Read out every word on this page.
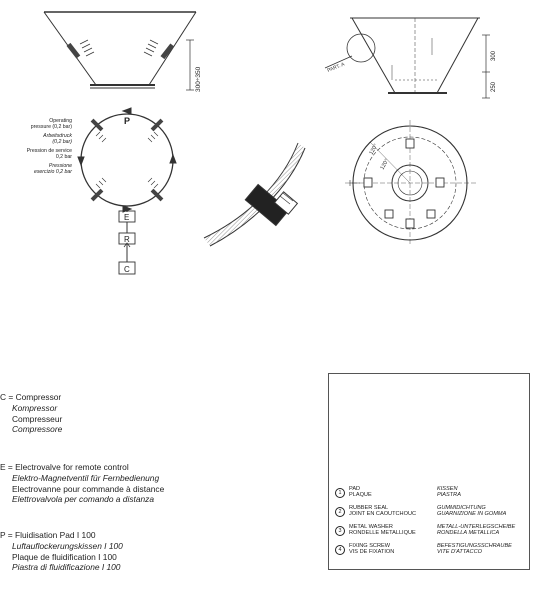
300÷350	PART. A
300
250
P
E
R
C
120°
120°
Operating
pressure (0,2 bar)
Arbeitsdruck
(0,2 bar)
Pression de service
0,2 bar
Pressione
esercizio 0,2 bar
C = Compressor
Kompressor
Compresseur
Compressore
E = Electrovalve for remote control
Elektro-Magnetventil für Fernbedienung
Electrovanne pour commande à distance
Elettrovalvola per comando a distanza
P = Fluidisation Pad I 100
Luftauflockerungskissen I 100
Plaque de fluidification I 100
Piastra di fluidificazione I 100
1
PAD
PLAQUE
KISSEN
PIASTRA
2
RUBBER SEAL
JOINT EN CAOUTCHOUC
GUMMIDICHTUNG
GUARNIZIONE IN GOMMA
3
METAL WASHER
RONDELLE METALLIQUE
METALL-UNTERLEGSCHEIBE
RONDELLA METALLICA
4
FIXING SCREW
VIS DE FIXATION
BEFESTIGUNGSSCHRAUBE
VITE D'ATTACCO
